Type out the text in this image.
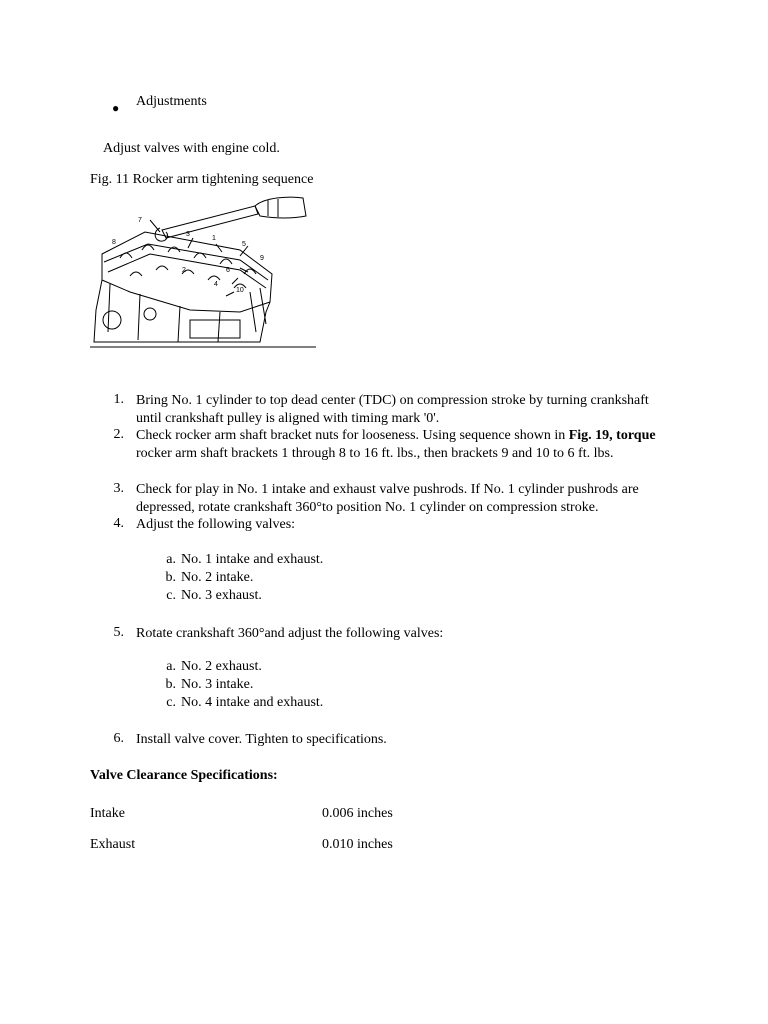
● Adjustments
Adjust valves with engine cold.
Fig. 11 Rocker arm tightening sequence
7
8
3
1
5
2
9
6
4
10
1. Bring No. 1 cylinder to top dead center (TDC) on compression stroke by turning crankshaft until crankshaft pulley is aligned with timing mark '0'.
2. Check rocker arm shaft bracket nuts for looseness. Using sequence shown in Fig. 19, torque rocker arm shaft brackets 1 through 8 to 16 ft. lbs., then brackets 9 and 10 to 6 ft. lbs.
3. Check for play in No. 1 intake and exhaust valve pushrods. If No. 1 cylinder pushrods are depressed, rotate crankshaft 360°to position No. 1 cylinder on compression stroke.
4. Adjust the following valves:
a. No. 1 intake and exhaust.
b. No. 2 intake.
c. No. 3 exhaust.
5. Rotate crankshaft 360°and adjust the following valves:
a. No. 2 exhaust.
b. No. 3 intake.
c. No. 4 intake and exhaust.
6. Install valve cover. Tighten to specifications.
Valve Clearance Specifications:
Intake	0.006 inches
Exhaust	0.010 inches
